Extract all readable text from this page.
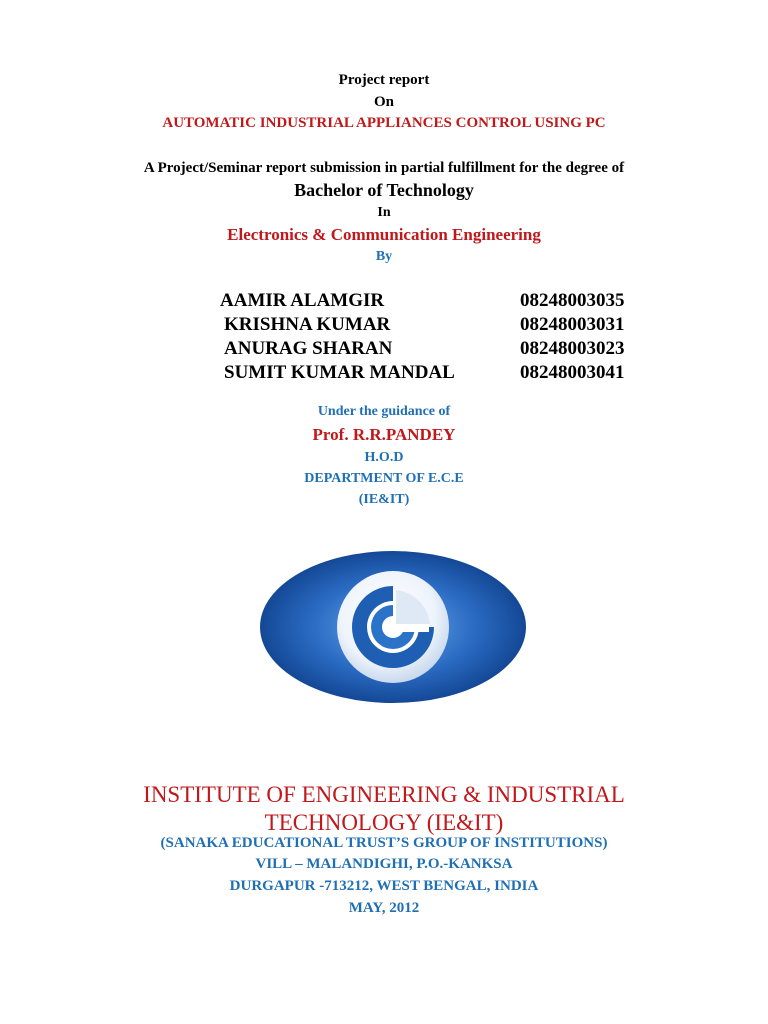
Project report
On
AUTOMATIC INDUSTRIAL APPLIANCES CONTROL USING PC
A Project/Seminar report submission in partial fulfillment for the degree of
Bachelor of Technology
In
Electronics & Communication Engineering
By
AAMIR ALAMGIR	08248003035
KRISHNA KUMAR	08248003031
ANURAG SHARAN	08248003023
SUMIT KUMAR MANDAL	08248003041
Under the guidance of
Prof. R.R.PANDEY
H.O.D
DEPARTMENT OF E.C.E
(IE&IT)
INSTITUTE OF ENGINEERING & INDUSTRIAL
TECHNOLOGY (IE&IT)
(SANAKA EDUCATIONAL TRUST’S GROUP OF INSTITUTIONS)
VILL – MALANDIGHI, P.O.-KANKSA
DURGAPUR -713212, WEST BENGAL, INDIA
MAY, 2012
